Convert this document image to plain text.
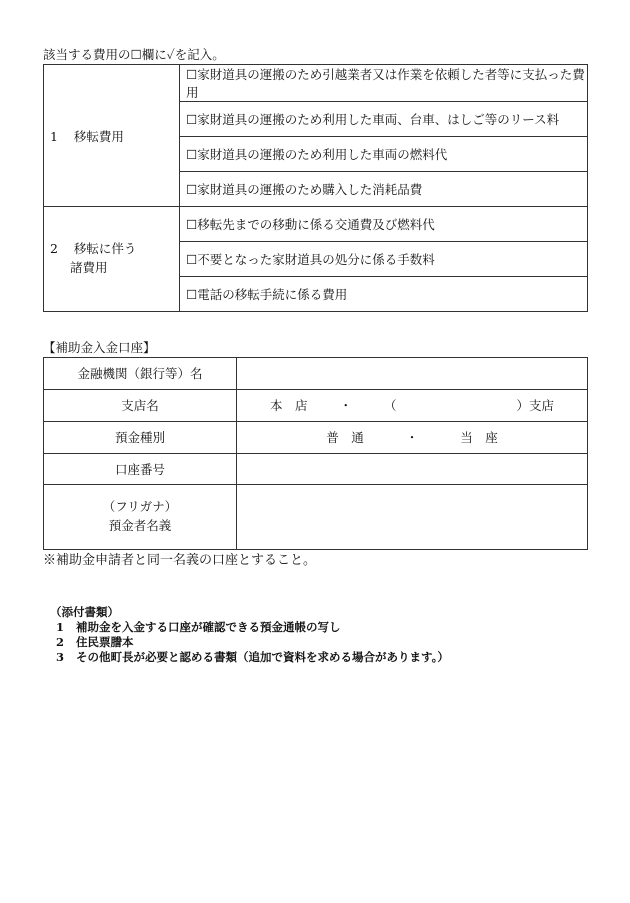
該当する費用の☐欄に✓を記入。
1 移転費用	☐家財道具の運搬のため引越業者又は作業を依頼した者等に支払った費用
	☐家財道具の運搬のため利用した車両、台車、はしご等のリース料
	☐家財道具の運搬のため利用した車両の燃料代
	☐家財道具の運搬のため購入した消耗品費

2 移転に伴う
諸費用	☐移転先までの移動に係る交通費及び燃料代
	☐不要となった家財道具の処分に係る手数料
	☐電話の移転手続に係る費用
【補助金入金口座】
金融機関（銀行等）名	
支店名	本　店 ・ （ ）支店
預金種別	普　通 ・ 当　座
口座番号	

（フリガナ）
預金者名義	

※補助金申請者と同一名義の口座とすること。
（添付書類）
1 補助金を入金する口座が確認できる預金通帳の写し
2 住民票謄本
3 その他町長が必要と認める書類（追加で資料を求める場合があります。）
